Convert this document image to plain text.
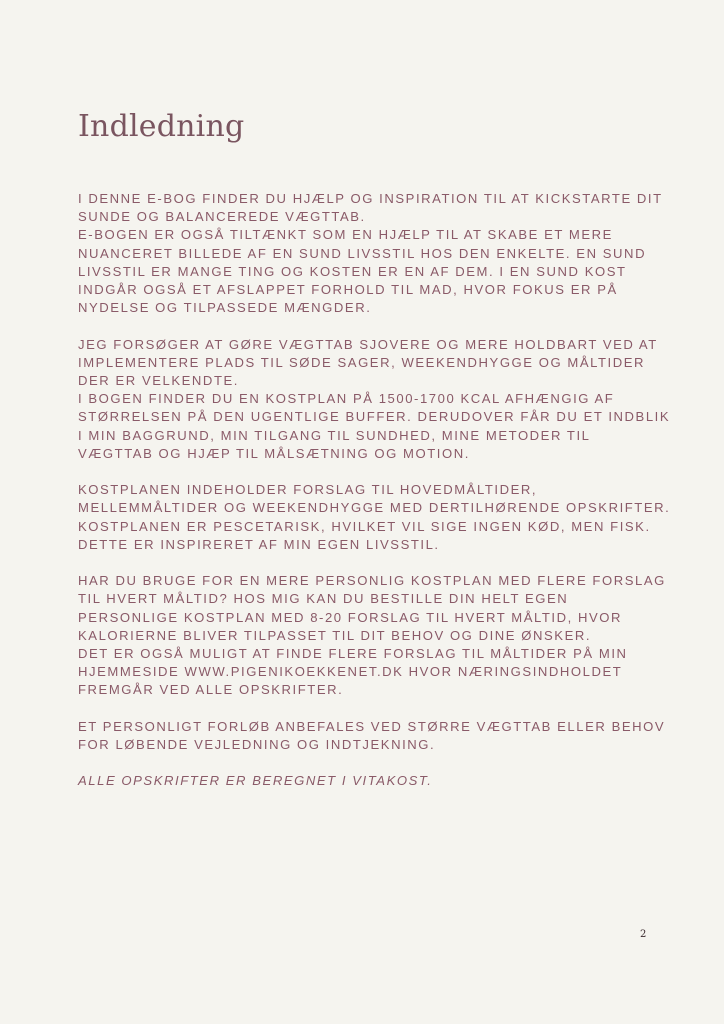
Indledning

I DENNE E-BOG FINDER DU HJÆLP OG INSPIRATION TIL AT KICKSTARTE DIT
SUNDE OG BALANCEREDE VÆGTTAB.
E-BOGEN ER OGSÅ TILTÆNKT SOM EN HJÆLP TIL AT SKABE ET MERE
NUANCERET BILLEDE AF EN SUND LIVSSTIL HOS DEN ENKELTE. EN SUND
LIVSSTIL ER MANGE TING OG KOSTEN ER EN AF DEM. I EN SUND KOST
INDGÅR OGSÅ ET AFSLAPPET FORHOLD TIL MAD, HVOR FOKUS ER PÅ
NYDELSE OG TILPASSEDE MÆNGDER.

JEG FORSØGER AT GØRE VÆGTTAB SJOVERE OG MERE HOLDBART VED AT
IMPLEMENTERE PLADS TIL SØDE SAGER, WEEKENDHYGGE OG MÅLTIDER
DER ER VELKENDTE.
I BOGEN FINDER DU EN KOSTPLAN PÅ 1500-1700 KCAL AFHÆNGIG AF
STØRRELSEN PÅ DEN UGENTLIGE BUFFER. DERUDOVER FÅR DU ET INDBLIK
I MIN BAGGRUND, MIN TILGANG TIL SUNDHED, MINE METODER TIL
VÆGTTAB OG HJÆP TIL MÅLSÆTNING OG MOTION.

KOSTPLANEN INDEHOLDER FORSLAG TIL HOVEDMÅLTIDER,
MELLEMMÅLTIDER OG WEEKENDHYGGE MED DERTILHØRENDE OPSKRIFTER.
KOSTPLANEN ER PESCETARISK, HVILKET VIL SIGE INGEN KØD, MEN FISK.
DETTE ER INSPIRERET AF MIN EGEN LIVSSTIL.

HAR DU BRUGE FOR EN MERE PERSONLIG KOSTPLAN MED FLERE FORSLAG
TIL HVERT MÅLTID? HOS MIG KAN DU BESTILLE DIN HELT EGEN
PERSONLIGE KOSTPLAN MED 8-20 FORSLAG TIL HVERT MÅLTID, HVOR
KALORIERNE BLIVER TILPASSET TIL DIT BEHOV OG DINE ØNSKER.
DET ER OGSÅ MULIGT AT FINDE FLERE FORSLAG TIL MÅLTIDER PÅ MIN
HJEMMESIDE WWW.PIGENIKOEKKENET.DK HVOR NÆRINGSINDHOLDET
FREMGÅR VED ALLE OPSKRIFTER.

ET PERSONLIGT FORLØB ANBEFALES VED STØRRE VÆGTTAB ELLER BEHOV
FOR LØBENDE VEJLEDNING OG INDTJEKNING.

ALLE OPSKRIFTER ER BEREGNET I VITAKOST.

2
